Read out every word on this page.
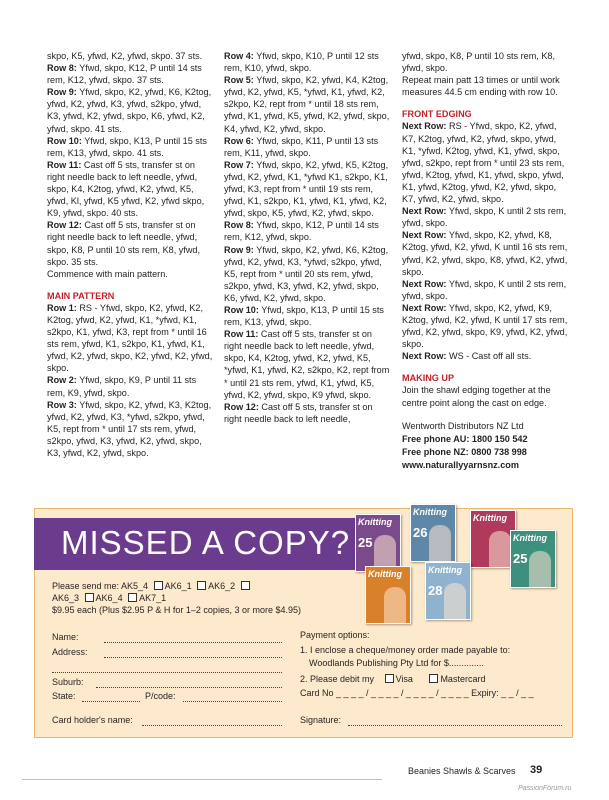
skpo, K5, yfwd, K2, yfwd, skpo. 37 sts.

Row 8: Yfwd, skpo, K12, P until 14 sts rem, K12, yfwd, skpo. 37 sts.

Row 9: Yfwd, skpo, K2, yfwd, K6, K2tog, yfwd, K2, yfwd, K3, yfwd, s2kpo, yfwd, K3, yfwd, K2, yfwd, skpo, K6, yfwd, K2, yfwd, skpo. 41 sts.

Row 10: Yfwd, skpo, K13, P until 15 sts rem, K13, yfwd, skpo. 41 sts.

Row 11: Cast off 5 sts, transfer st on right needle back to left needle, yfwd, skpo, K4, K2tog, yfwd, K2, yfwd, K5, yfwd, Kl, yfwd, K5 yfwd, K2, yfwd skpo, K9, yfwd, skpo. 40 sts.

Row 12: Cast off 5 sts, transfer st on right needle back to left needle, yfwd, skpo, K8, P until 10 sts rem, K8, yfwd, skpo. 35 sts.

Commence with main pattern.

MAIN PATTERN

Row 1: RS - Yfwd, skpo, K2, yfwd, K2, K2tog, yfwd, K2, yfwd, K1, *yfwd, K1, s2kpo, K1, yfwd, K3, rept from * until 16 sts rem, yfwd, K1, s2kpo, K1, yfwd, K1, yfwd, K2, yfwd, skpo, K2, yfwd, K2, yfwd, skpo.

Row 2: Yfwd, skpo, K9, P until 11 sts rem, K9, yfwd, skpo.

Row 3: Yfwd, skpo, K2, yfwd, K3, K2tog, yfwd, K2, yfwd, K3, *yfwd, s2kpo, yfwd, K5, rept from * until 17 sts rem, yfwd, s2kpo, yfwd, K3, yfwd, K2, yfwd, skpo, K3, yfwd, K2, yfwd, skpo.

Row 4: Yfwd, skpo, K10, P until 12 sts rem, K10, yfwd, skpo.

Row 5: Yfwd, skpo, K2, yfwd, K4, K2tog, yfwd, K2, yfwd, K5, *yfwd, K1, yfwd, K2, s2kpo, K2, rept from * until 18 sts rem, yfwd, K1, yfwd, K5, yfwd, K2, yfwd, skpo, K4, yfwd, K2, yfwd, skpo.

Row 6: Yfwd, skpo, K11, P until 13 sts rem, K11, yfwd, skpo.

Row 7: Yfwd, skpo, K2, yfwd, K5, K2tog, yfwd, K2, yfwd, K1, *yfwd K1, s2kpo, K1, yfwd, K3, rept from * until 19 sts rem, yfwd, K1, s2kpo, K1, yfwd, K1, yfwd, K2, yfwd, skpo, K5, yfwd, K2, yfwd, skpo.

Row 8: Yfwd, skpo, K12, P until 14 sts rem, K12, yfwd, skpo.

Row 9: Yfwd, skpo, K2, yfwd, K6, K2tog, yfwd, K2, yfwd, K3, *yfwd, s2kpo, yfwd, K5, rept from * until 20 sts rem, yfwd, s2kpo, yfwd, K3, yfwd, K2, yfwd, skpo, K6, yfwd, K2, yfwd, skpo.

Row 10: Yfwd, skpo, K13, P until 15 sts rem, K13, yfwd, skpo.

Row 11: Cast off 5 sts, transfer st on right needle back to left needle, yfwd, skpo, K4, K2tog, yfwd, K2, yfwd, K5, *yfwd, K1, yfwd, K2, s2kpo, K2, rept from * until 21 sts rem, yfwd, K1, yfwd, K5, yfwd, K2, yfwd, skpo, K9 yfwd, skpo.

Row 12: Cast off 5 sts, transfer st on right needle back to left needle,

yfwd, skpo, K8, P until 10 sts rem, K8, yfwd, skpo.

Repeat main patt 13 times or until work measures 44.5 cm ending with row 10.

FRONT EDGING

Next Row: RS - Yfwd, skpo, K2, yfwd, K7, K2tog, yfwd, K2, yfwd, skpo, yfwd, K1, *yfwd, K2tog, yfwd, K1, yfwd, skpo, yfwd, s2kpo, rept from * until 23 sts rem, yfwd, K2tog, yfwd, K1, yfwd, skpo, yfwd, K1, yfwd, K2tog, yfwd, K2, yfwd, skpo, K7, yfwd, K2, yfwd, skpo.

Next Row: Yfwd, skpo, K until 2 sts rem, yfwd, skpo.

Next Row: Yfwd, skpo, K2, yfwd, K8, K2tog, yfwd, K2, yfwd, K until 16 sts rem, yfwd, K2, yfwd, skpo, K8, yfwd, K2, yfwd, skpo.

Next Row: Yfwd, skpo, K until 2 sts rem, yfwd, skpo.

Next Row: Yfwd, skpo, K2, yfwd, K9, K2tog, yfwd, K2, yfwd, K until 17 sts rem, yfwd, K2, yfwd, skpo, K9, yfwd, K2, yfwd, skpo.

Next Row: WS - Cast off all sts.

MAKING UP

Join the shawl edging together at the centre point along the cast on edge.

Wentworth Distributors NZ Ltd

Free phone AU: 1800 150 542

Free phone NZ: 0800 738 998

www.naturallyyarnsnz.com

MISSED A COPY?
Knitting
25
Knitting
26
Knitting
Knitting
25
Knitting	Knitting
28
Please send me: AK5_4 AK6_1 AK6_2
AK6_3 AK6_4 AK7_1
$9.95 each (Plus $2.95 P & H for 1–2 copies, 3 or more $4.95)
Name:
Address:
Suburb:
State:	P/code:
Card holder's name:
Payment options:
1. I enclose a cheque/money order made payable to:
Woodlands Publishing Pty Ltd for $..............
2. Please debit my Visa	Mastercard
Card No _ _ _ _ / _ _ _ _ / _ _ _ _ / _ _ _ _ Expiry: _ _ / _ _
Signature:
Beanies Shawls & Scarves 39
PassionForum.ru
